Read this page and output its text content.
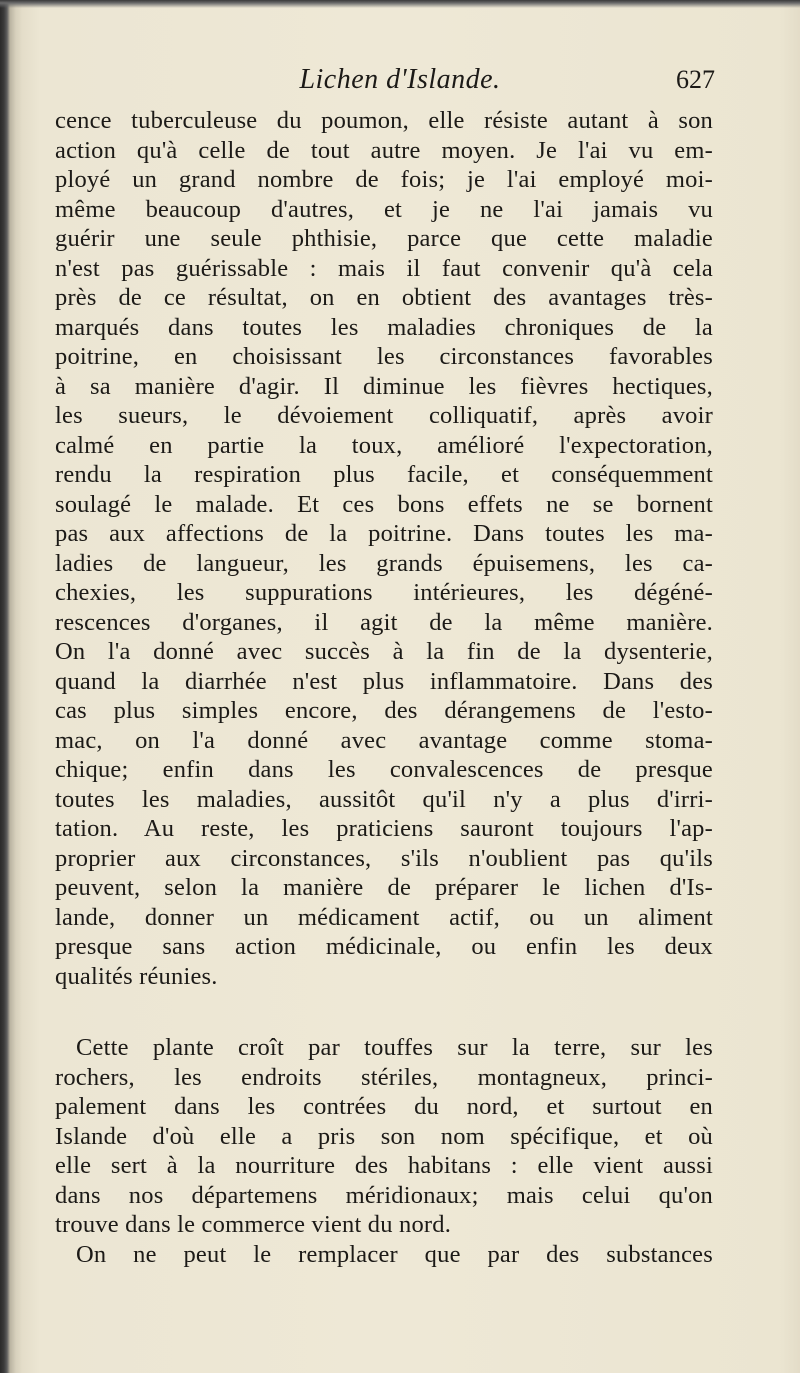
Lichen d'Islande.	627
cence tuberculeuse du poumon, elle résiste autant à son
action qu'à celle de tout autre moyen. Je l'ai vu em-
ployé un grand nombre de fois; je l'ai employé moi-
même beaucoup d'autres, et je ne l'ai jamais vu
guérir une seule phthisie, parce que cette maladie
n'est pas guérissable : mais il faut convenir qu'à cela
près de ce résultat, on en obtient des avantages très-
marqués dans toutes les maladies chroniques de la
poitrine, en choisissant les circonstances favorables
à sa manière d'agir. Il diminue les fièvres hectiques,
les sueurs, le dévoiement colliquatif, après avoir
calmé en partie la toux, amélioré l'expectoration,
rendu la respiration plus facile, et conséquemment
soulagé le malade. Et ces bons effets ne se bornent
pas aux affections de la poitrine. Dans toutes les ma-
ladies de langueur, les grands épuisemens, les ca-
chexies, les suppurations intérieures, les dégéné-
rescences d'organes, il agit de la même manière.
On l'a donné avec succès à la fin de la dysenterie,
quand la diarrhée n'est plus inflammatoire. Dans des
cas plus simples encore, des dérangemens de l'esto-
mac, on l'a donné avec avantage comme stoma-
chique; enfin dans les convalescences de presque
toutes les maladies, aussitôt qu'il n'y a plus d'irri-
tation. Au reste, les praticiens sauront toujours l'ap-
proprier aux circonstances, s'ils n'oublient pas qu'ils
peuvent, selon la manière de préparer le lichen d'Is-
lande, donner un médicament actif, ou un aliment
presque sans action médicinale, ou enfin les deux
qualités réunies.
Cette plante croît par touffes sur la terre, sur les
rochers, les endroits stériles, montagneux, princi-
palement dans les contrées du nord, et surtout en
Islande d'où elle a pris son nom spécifique, et où
elle sert à la nourriture des habitans : elle vient aussi
dans nos départemens méridionaux; mais celui qu'on
trouve dans le commerce vient du nord.
On ne peut le remplacer que par des substances
